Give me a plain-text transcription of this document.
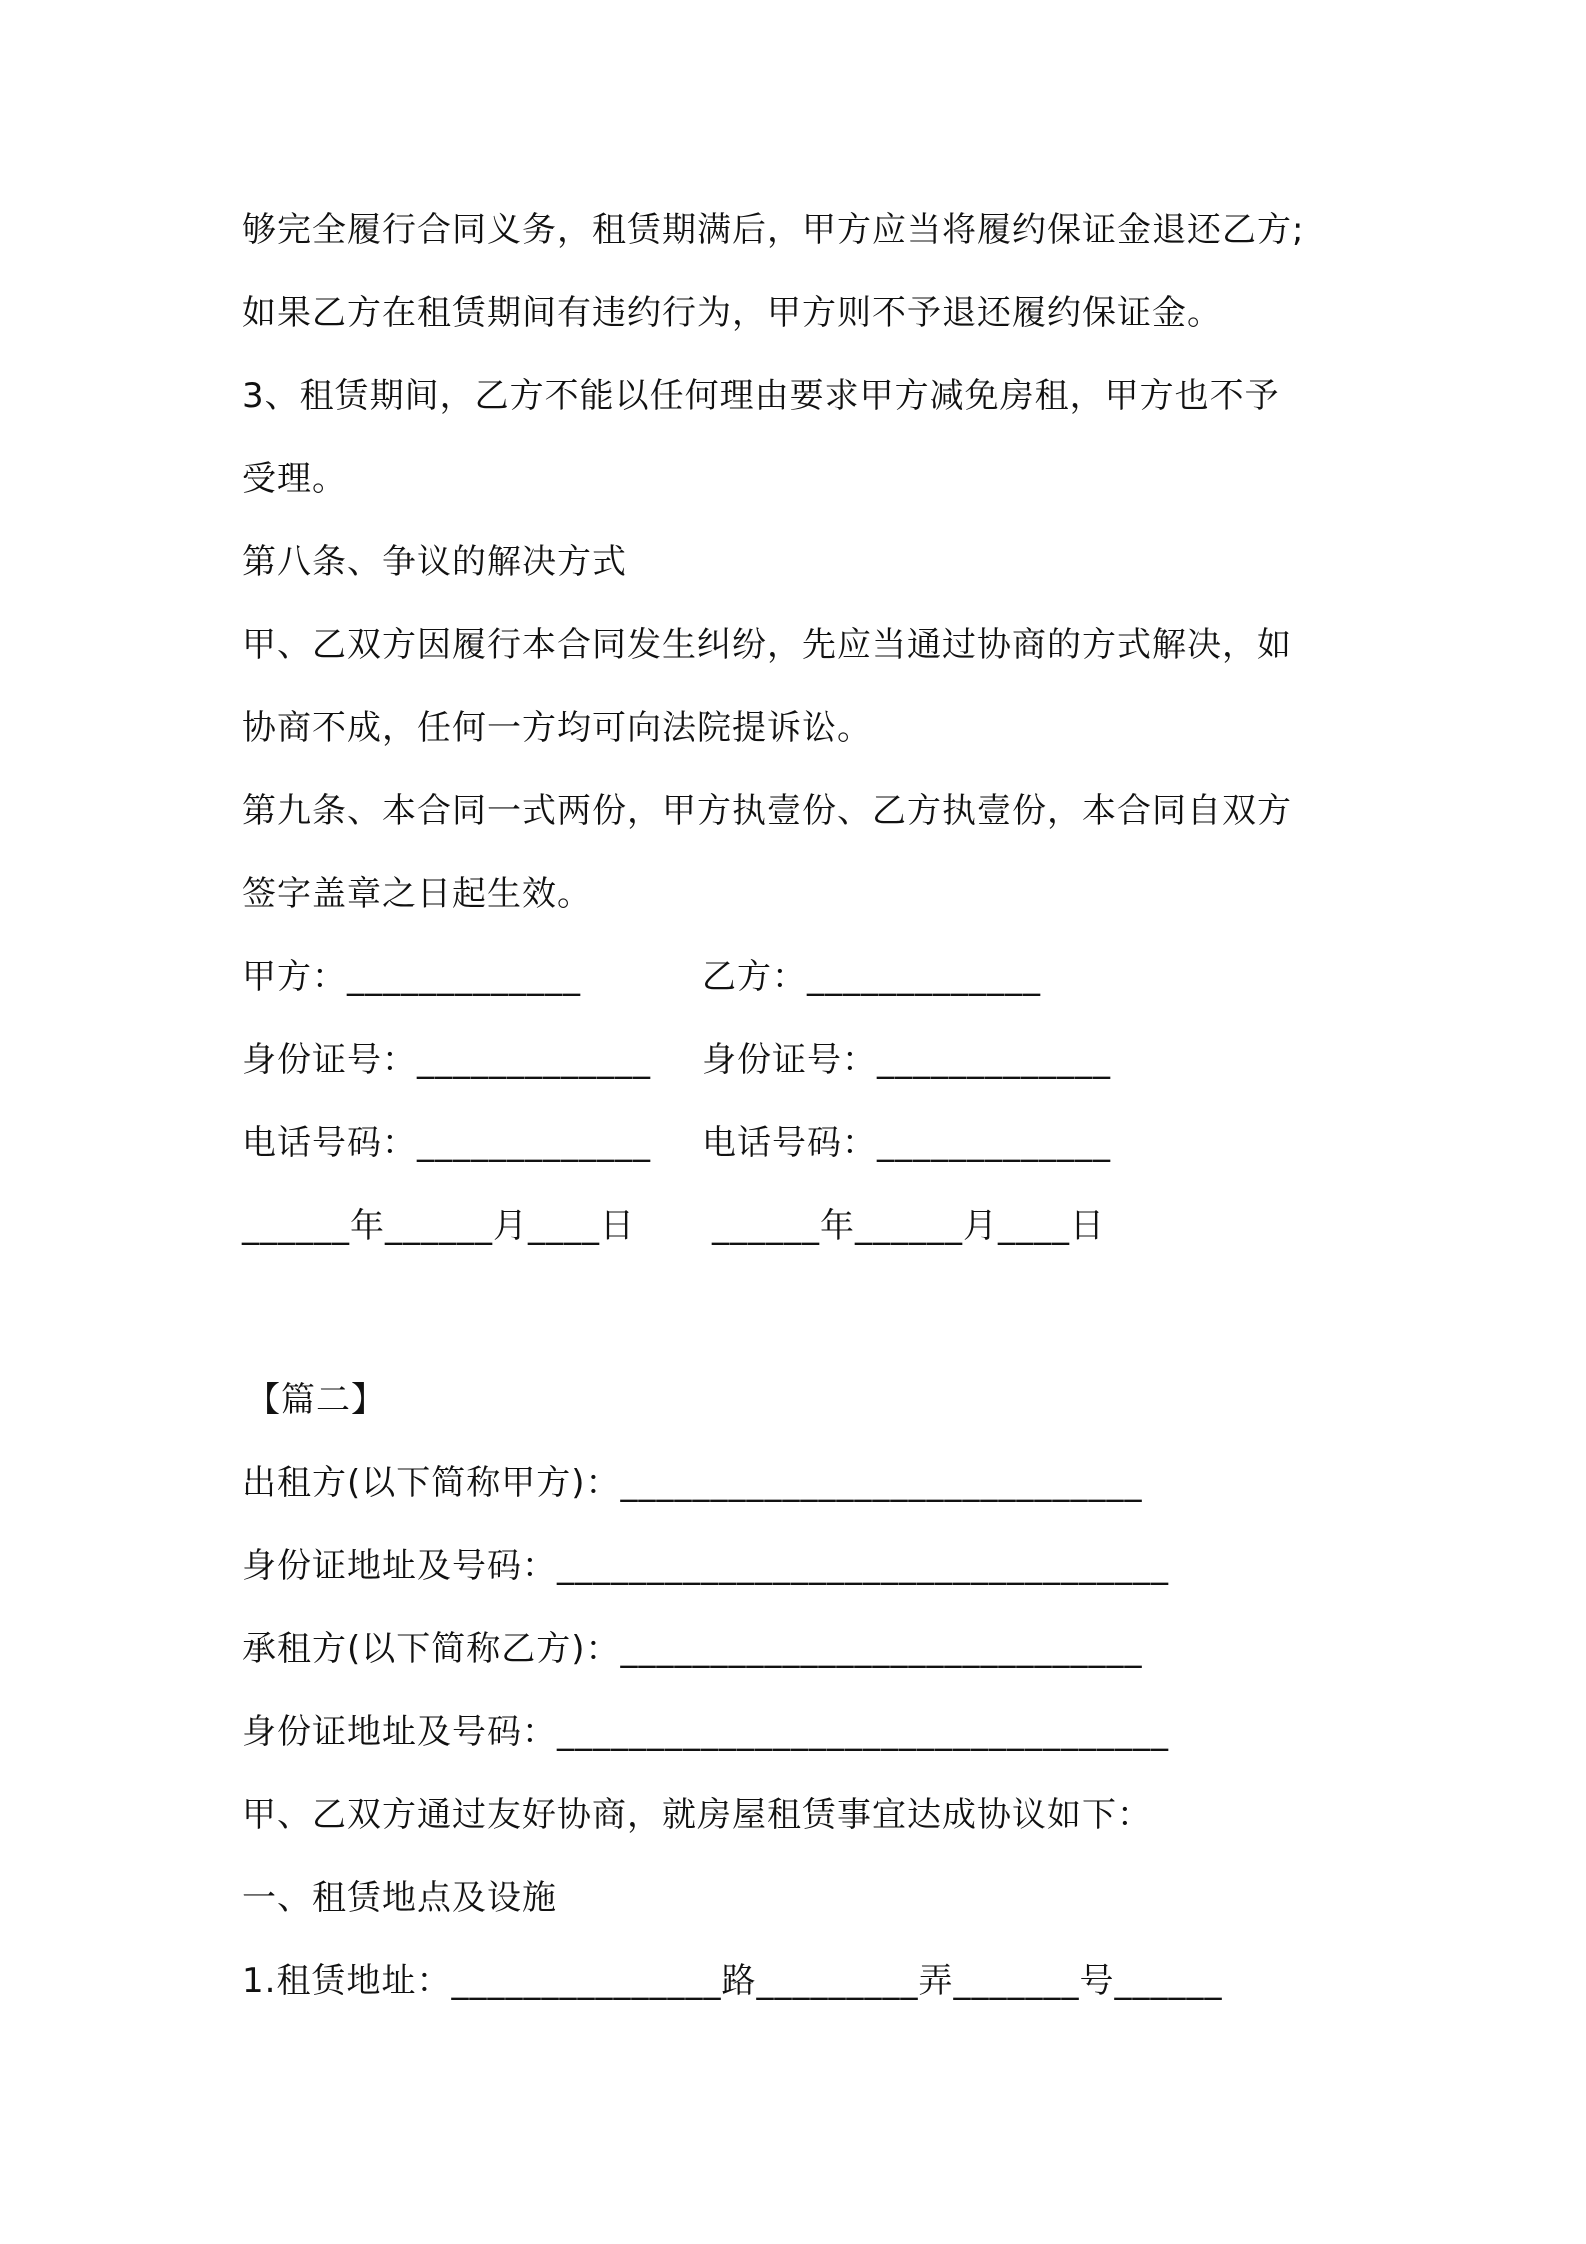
够完全履行合同义务，租赁期满后，甲方应当将履约保证金退还乙方;
如果乙方在租赁期间有违约行为，甲方则不予退还履约保证金。
3、租赁期间，乙方不能以任何理由要求甲方减免房租，甲方也不予
受理。
第八条、争议的解决方式
甲、乙双方因履行本合同发生纠纷，先应当通过协商的方式解决，如
协商不成，任何一方均可向法院提诉讼。
第九条、本合同一式两份，甲方执壹份、乙方执壹份，本合同自双方
签字盖章之日起生效。
甲方：_____________	乙方：_____________
身份证号：_____________ 身份证号：_____________
电话号码：_____________ 电话号码：_____________
______年______月____日 ______年______月____日
【篇二】
出租方(以下简称甲方)：_____________________________
身份证地址及号码：__________________________________
承租方(以下简称乙方)：_____________________________
身份证地址及号码：__________________________________
甲、乙双方通过友好协商，就房屋租赁事宜达成协议如下：
一、租赁地点及设施
1.租赁地址：_______________路_________弄_______号______
